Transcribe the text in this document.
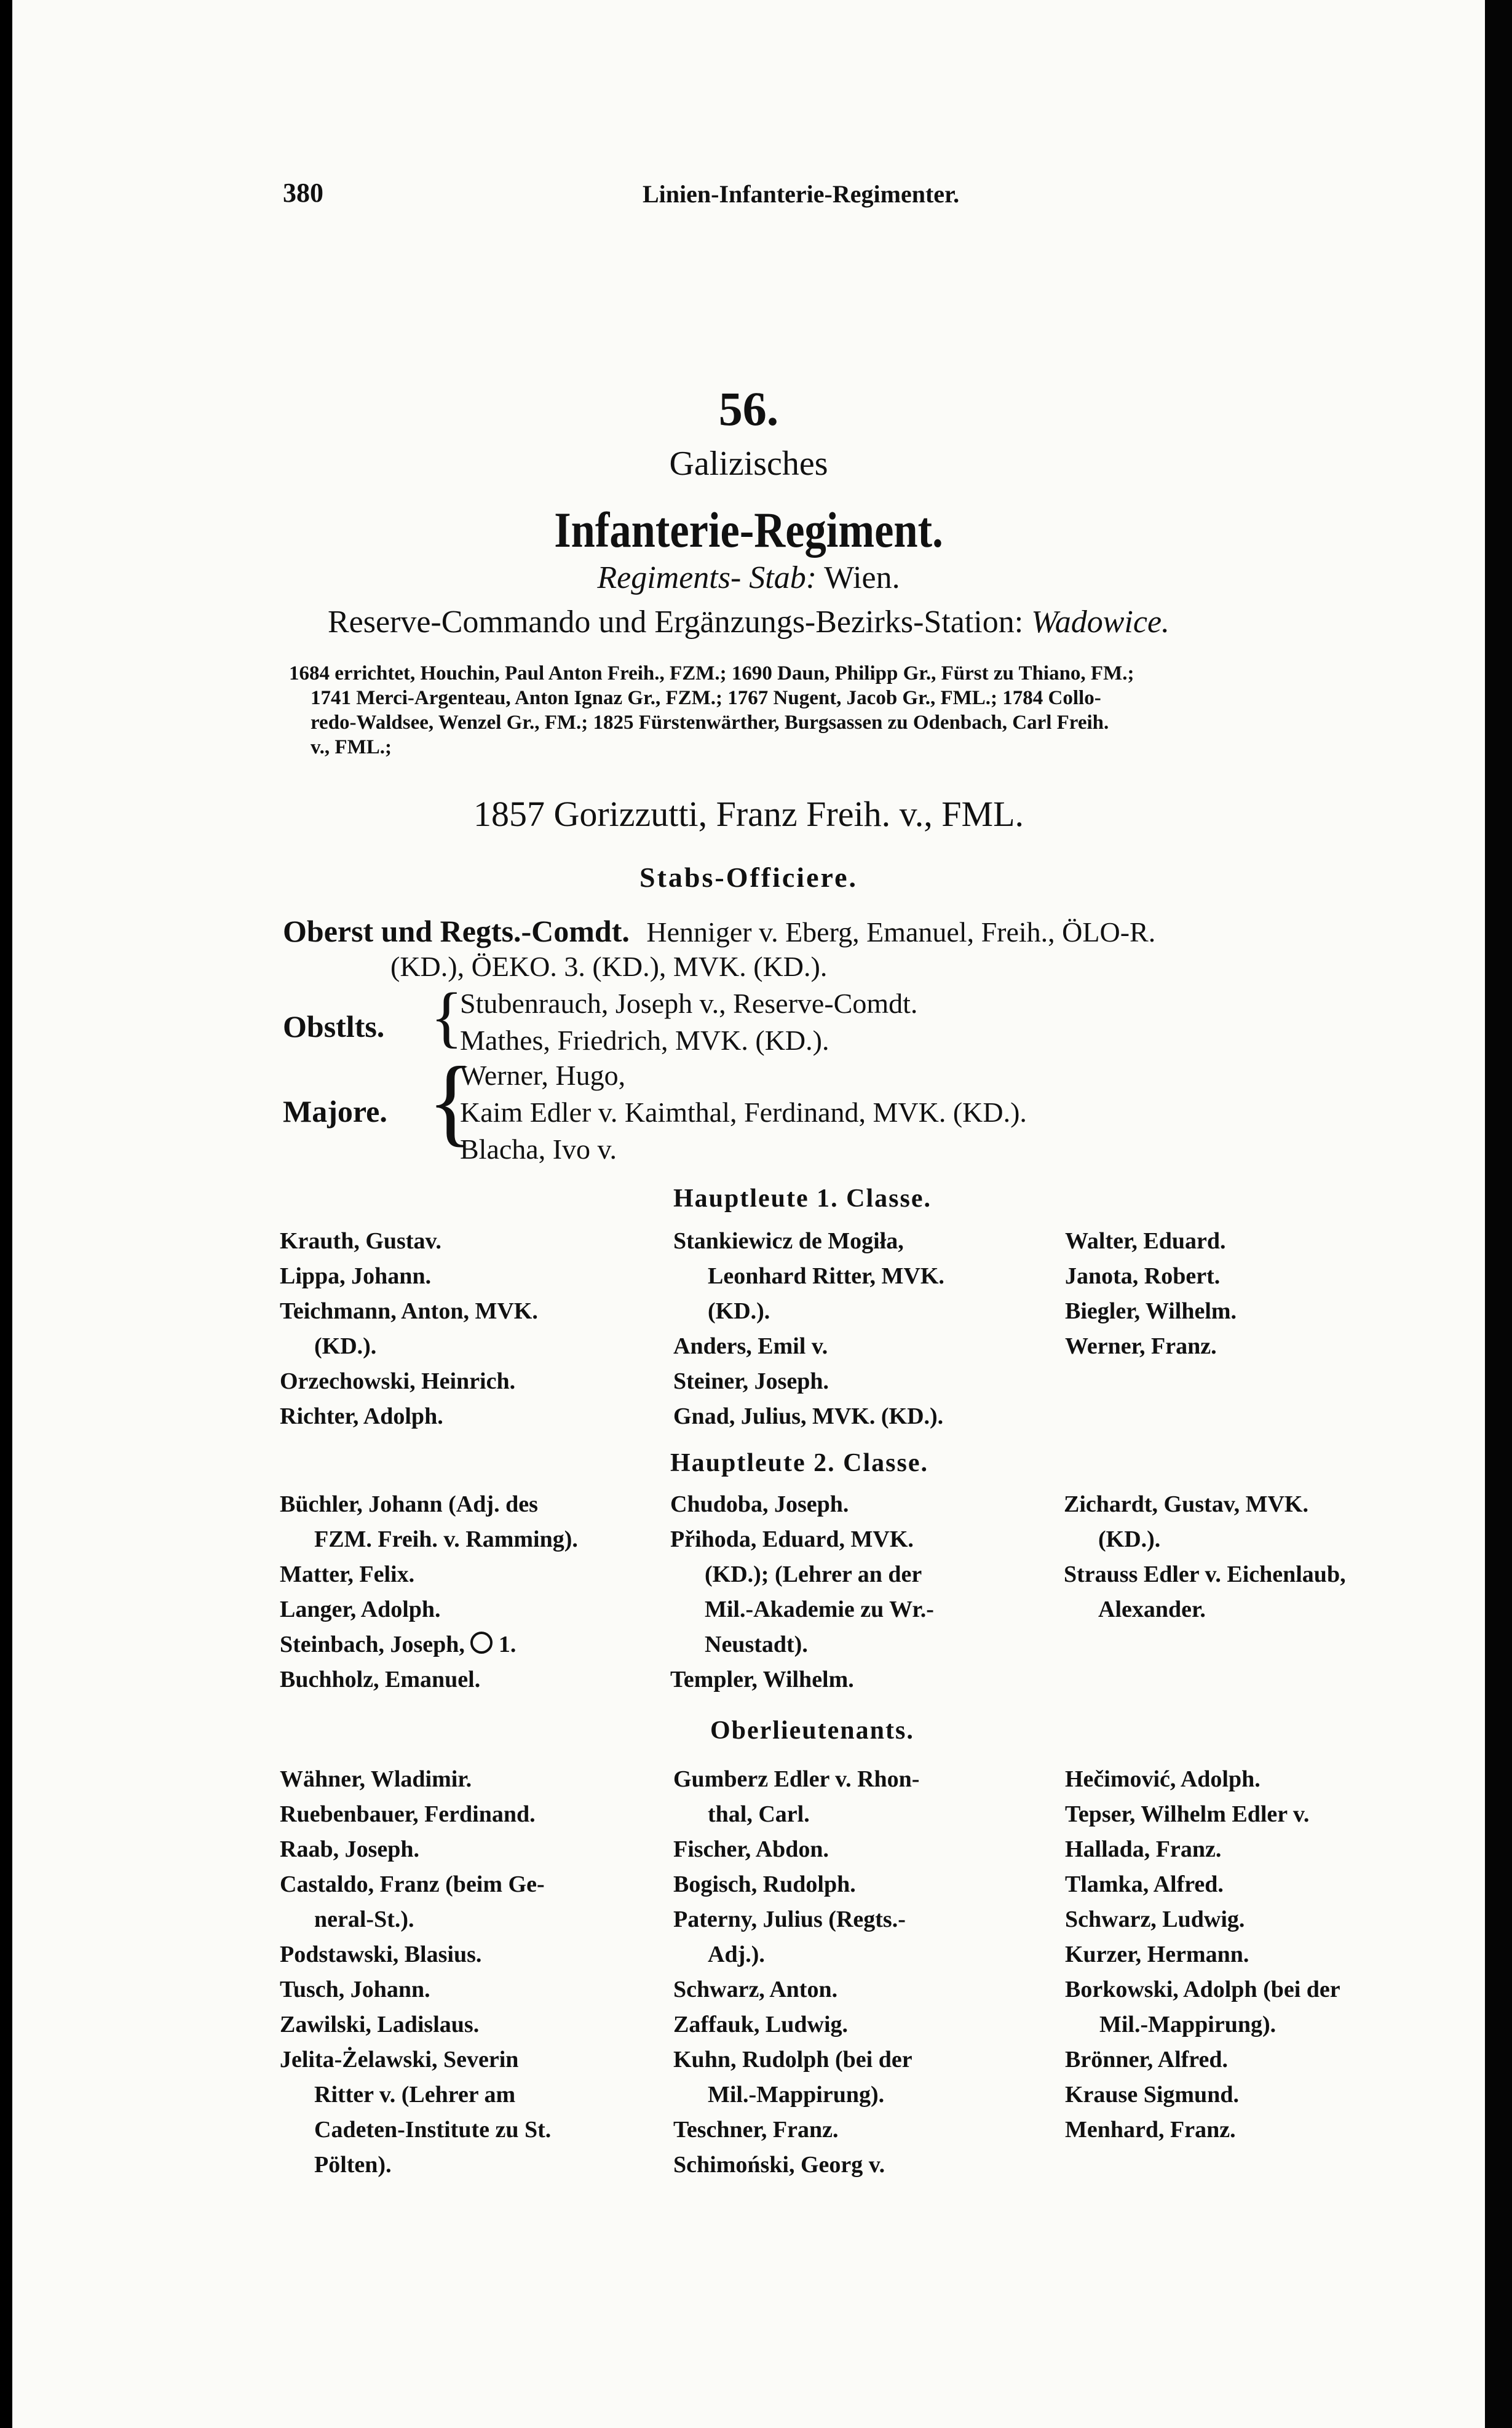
380	Linien-Infanterie-Regimenter.
56.
Galizisches
Infanterie-Regiment.
Regiments- Stab: Wien.
Reserve-Commando und Ergänzungs-Bezirks-Station: Wadowice.
1684 errichtet, Houchin, Paul Anton Freih., FZM.; 1690 Daun, Philipp Gr., Fürst zu Thiano, FM.;
1741 Merci-Argenteau, Anton Ignaz Gr., FZM.; 1767 Nugent, Jacob Gr., FML.; 1784 Collo-
redo-Waldsee, Wenzel Gr., FM.; 1825 Fürstenwärther, Burgsassen zu Odenbach, Carl Freih.
v., FML.;
1857 Gorizzutti, Franz Freih. v., FML.
Stabs-Officiere.
Oberst und Regts.-Comdt. Henniger v. Eberg, Emanuel, Freih., ÖLO-R.
(KD.), ÖEKO. 3. (KD.), MVK. (KD.).
Obstlts. {
Stubenrauch, Joseph v., Reserve-Comdt.
Mathes, Friedrich, MVK. (KD.).
Majore. {
Werner, Hugo,
Kaim Edler v. Kaimthal, Ferdinand, MVK. (KD.).
Blacha, Ivo v.
Hauptleute 1. Classe.
Krauth, Gustav.
Lippa, Johann.
Teichmann, Anton, MVK.
(KD.).
Orzechowski, Heinrich.
Richter, Adolph.
Stankiewicz de Mogiła,
Leonhard Ritter, MVK.
(KD.).
Anders, Emil v.
Steiner, Joseph.
Gnad, Julius, MVK. (KD.).
Walter, Eduard.
Janota, Robert.
Biegler, Wilhelm.
Werner, Franz.
Hauptleute 2. Classe.
Büchler, Johann (Adj. des
FZM. Freih. v. Ramming).
Matter, Felix.
Langer, Adolph.
Steinbach, Joseph, 1.
Buchholz, Emanuel.
Chudoba, Joseph.
Přihoda, Eduard, MVK.
(KD.); (Lehrer an der
Mil.-Akademie zu Wr.-
Neustadt).
Templer, Wilhelm.
Zichardt, Gustav, MVK.
(KD.).
Strauss Edler v. Eichenlaub,
Alexander.
Oberlieutenants.
Wähner, Wladimir.
Ruebenbauer, Ferdinand.
Raab, Joseph.
Castaldo, Franz (beim Ge-
neral-St.).
Podstawski, Blasius.
Tusch, Johann.
Zawilski, Ladislaus.
Jelita-Żelawski, Severin
Ritter v. (Lehrer am
Cadeten-Institute zu St.
Pölten).
Gumberz Edler v. Rhon-
thal, Carl.
Fischer, Abdon.
Bogisch, Rudolph.
Paterny, Julius (Regts.-
Adj.).
Schwarz, Anton.
Zaffauk, Ludwig.
Kuhn, Rudolph (bei der
Mil.-Mappirung).
Teschner, Franz.
Schimoński, Georg v.
Hečimović, Adolph.
Tepser, Wilhelm Edler v.
Hallada, Franz.
Tlamka, Alfred.
Schwarz, Ludwig.
Kurzer, Hermann.
Borkowski, Adolph (bei der
Mil.-Mappirung).
Brönner, Alfred.
Krause Sigmund.
Menhard, Franz.
